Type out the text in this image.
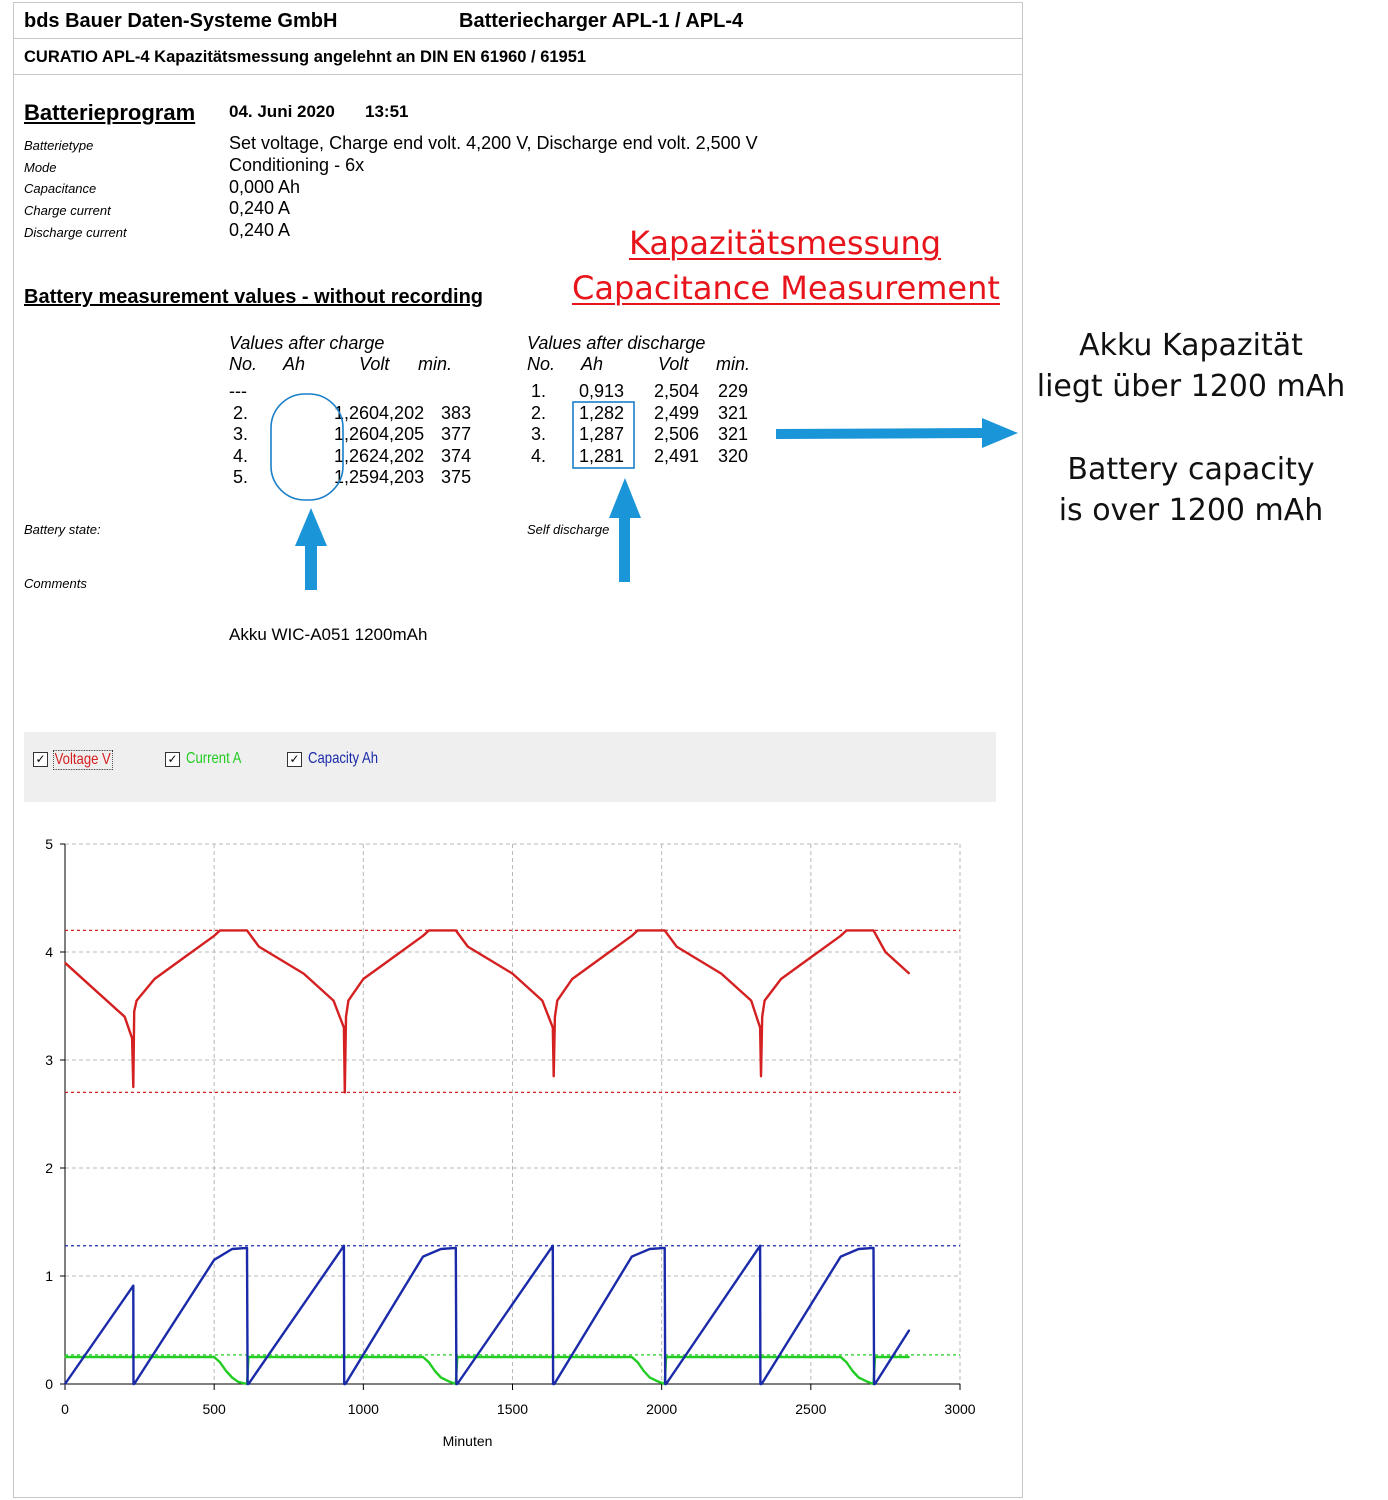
bds Bauer Daten-Systeme GmbH	Batteriecharger APL-1 / APL-4
CURATIO APL-4 Kapazitätsmessung angelehnt an DIN EN 61960 / 61951
Batterieprogram 04. Juni 2020 13:51
Batterietype	Set voltage, Charge end volt. 4,200 V, Discharge end volt. 2,500 V
Mode	Conditioning - 6x
Capacitance	0,000 Ah
Charge current	0,240 A
Discharge current	0,240 A	Kapazitätsmessung
Capacitance Measurement
Battery measurement values - without recording
Values after charge
No. Ah	Volt min.
---			
2.	1,260	4,202	383
3.	1,260	4,205	377
4.	1,262	4,202	374
5.	1,259	4,203	375
Values after discharge
No. Ah	Volt min.
1.	0,913	2,504	229
2.	1,282	2,499	321
3.	1,287	2,506	321
4.	1,281	2,491	320
Akku Kapazität
liegt über 1200 mAh
Battery capacity
is over 1200 mAh
Battery state:	Self discharge
Comments
Akku WIC-A051 1200mAh
✓ Voltage V	✓ Current A	✓ Capacity Ah
0
1
2
3
4
5
0	500	1000	1500	2000	2500	3000
Minuten
